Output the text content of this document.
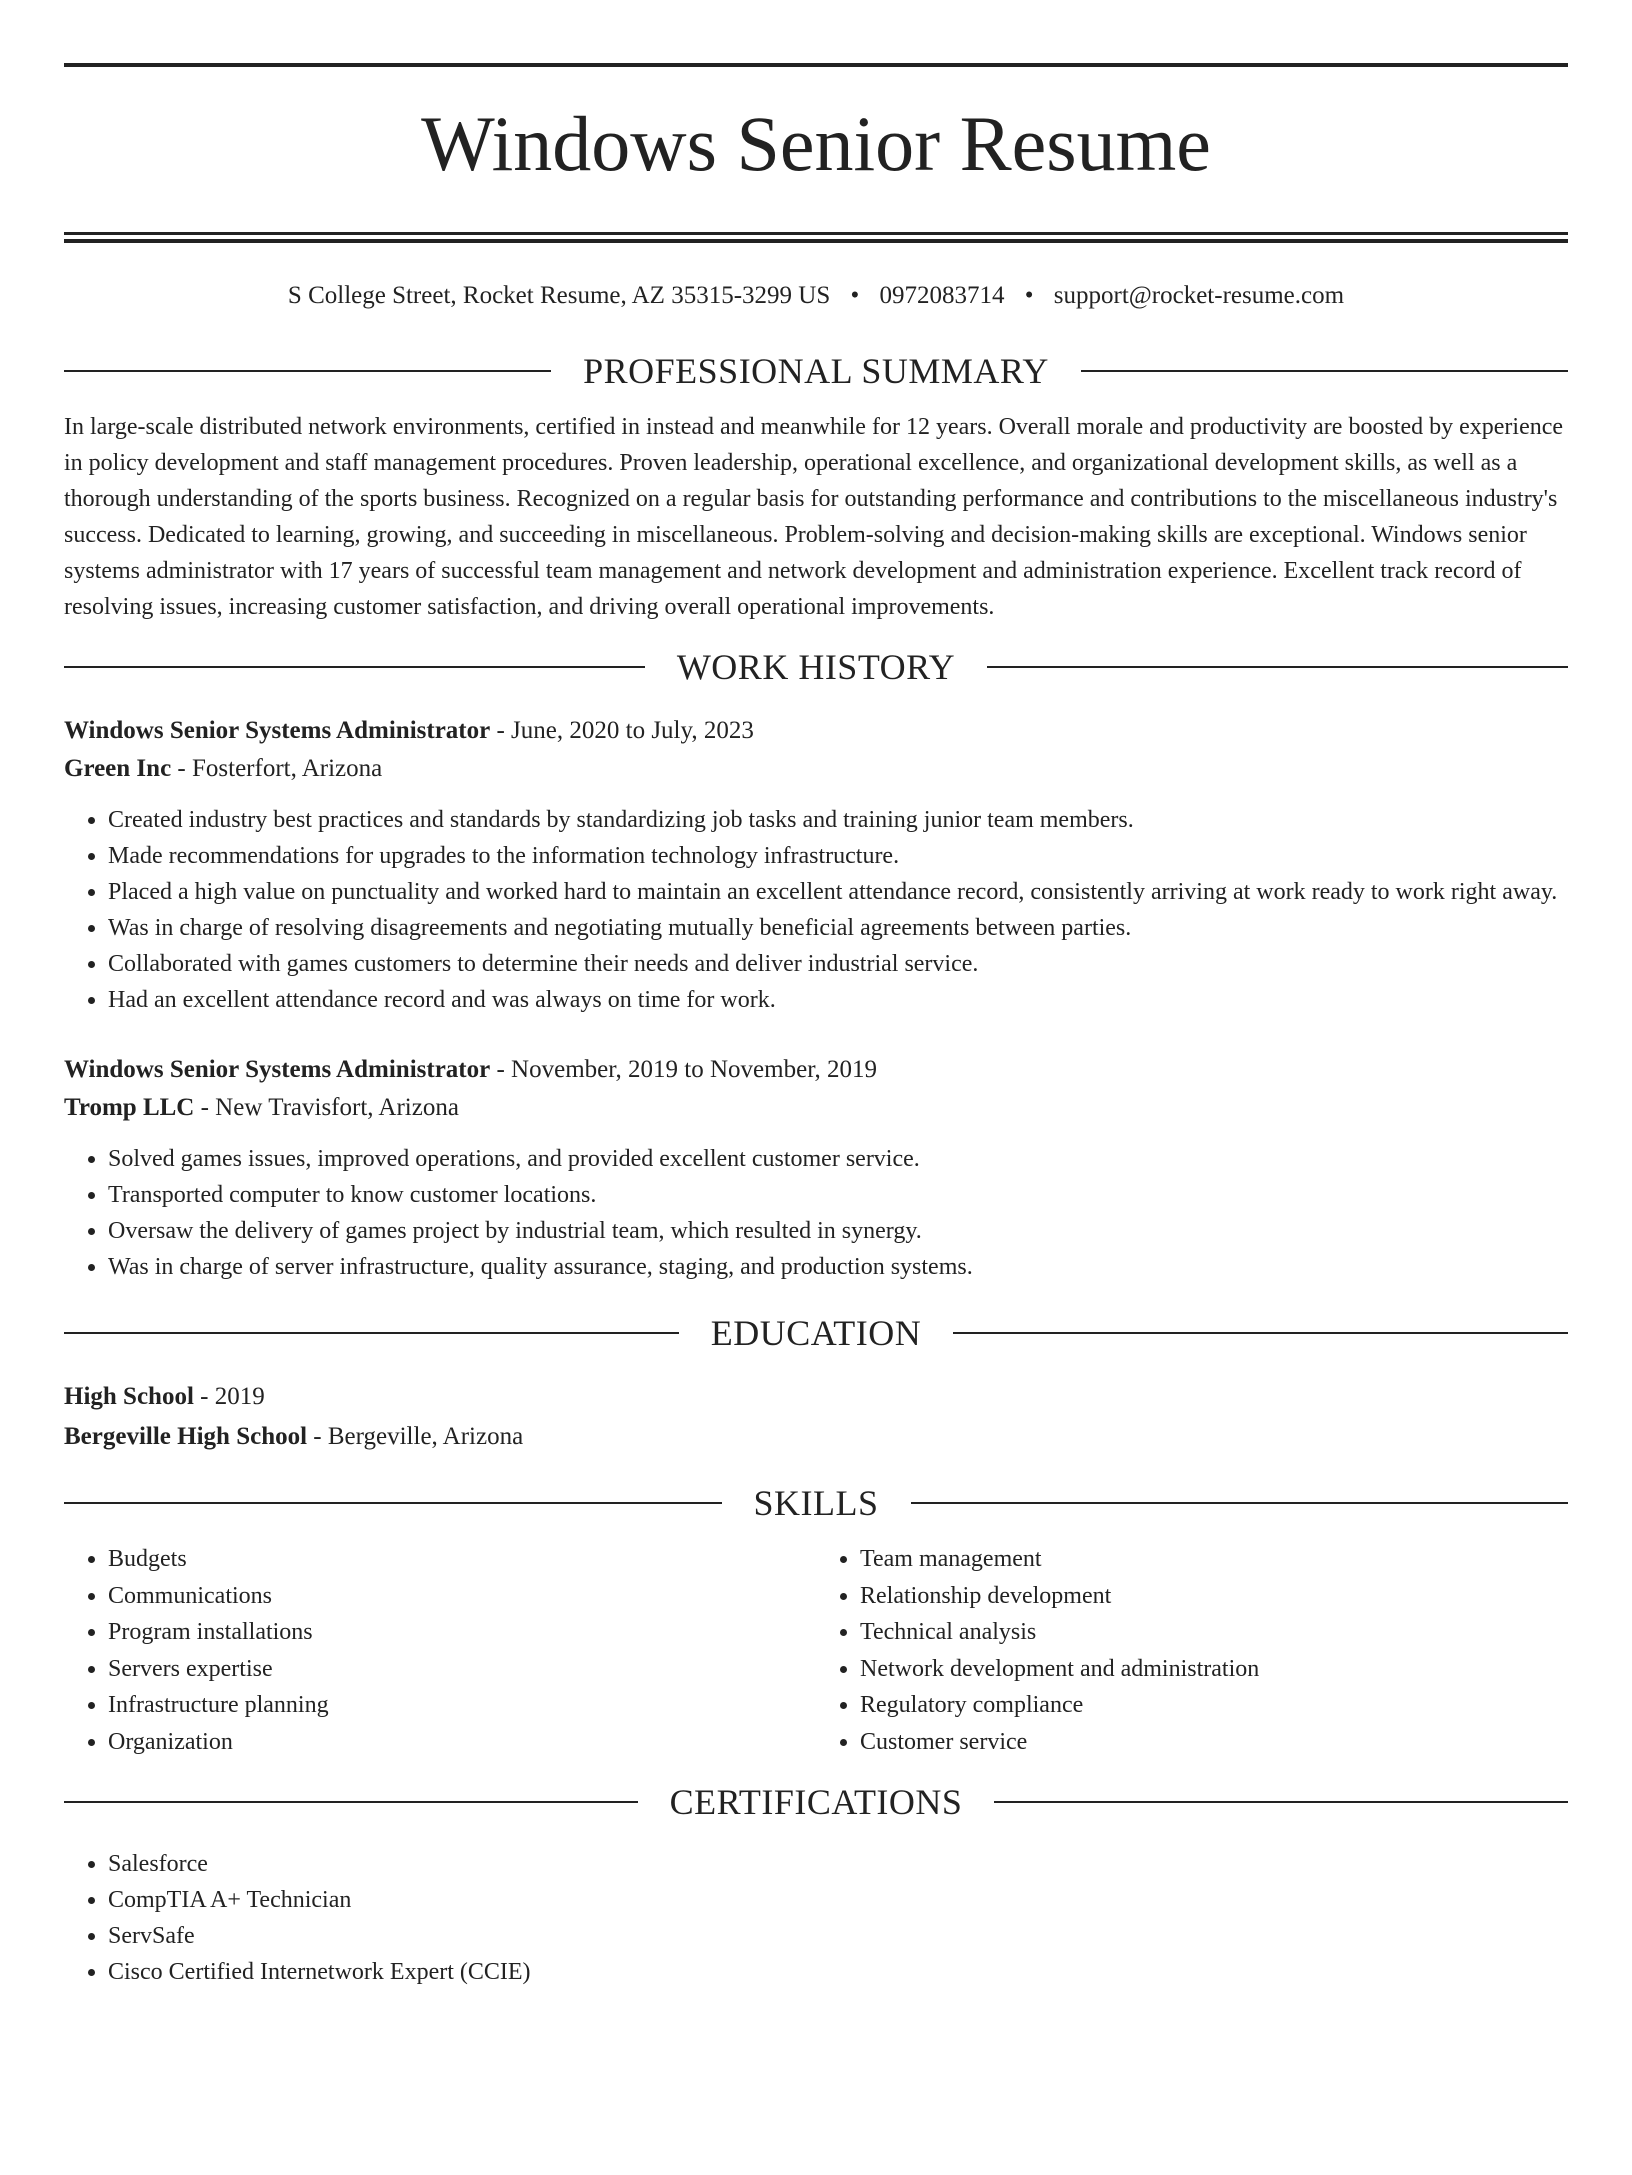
Windows Senior Resume
S College Street, Rocket Resume, AZ 35315-3299 US • 0972083714 • support@rocket-resume.com
PROFESSIONAL SUMMARY
In large-scale distributed network environments, certified in instead and meanwhile for 12 years. Overall morale and productivity are boosted by experience in policy development and staff management procedures. Proven leadership, operational excellence, and organizational development skills, as well as a thorough understanding of the sports business. Recognized on a regular basis for outstanding performance and contributions to the miscellaneous industry's success. Dedicated to learning, growing, and succeeding in miscellaneous. Problem-solving and decision-making skills are exceptional. Windows senior systems administrator with 17 years of successful team management and network development and administration experience. Excellent track record of resolving issues, increasing customer satisfaction, and driving overall operational improvements.
WORK HISTORY
Windows Senior Systems Administrator - June, 2020 to July, 2023
Green Inc - Fosterfort, Arizona
• Created industry best practices and standards by standardizing job tasks and training junior team members.
• Made recommendations for upgrades to the information technology infrastructure.
• Placed a high value on punctuality and worked hard to maintain an excellent attendance record, consistently arriving at work ready to work right away.
• Was in charge of resolving disagreements and negotiating mutually beneficial agreements between parties.
• Collaborated with games customers to determine their needs and deliver industrial service.
• Had an excellent attendance record and was always on time for work.
Windows Senior Systems Administrator - November, 2019 to November, 2019
Tromp LLC - New Travisfort, Arizona
• Solved games issues, improved operations, and provided excellent customer service.
• Transported computer to know customer locations.
• Oversaw the delivery of games project by industrial team, which resulted in synergy.
• Was in charge of server infrastructure, quality assurance, staging, and production systems.
EDUCATION
High School - 2019
Bergeville High School - Bergeville, Arizona
SKILLS
• Budgets
• Communications
• Program installations
• Servers expertise
• Infrastructure planning
• Organization
• Team management
• Relationship development
• Technical analysis
• Network development and administration
• Regulatory compliance
• Customer service
CERTIFICATIONS
• Salesforce
• CompTIA A+ Technician
• ServSafe
• Cisco Certified Internetwork Expert (CCIE)
